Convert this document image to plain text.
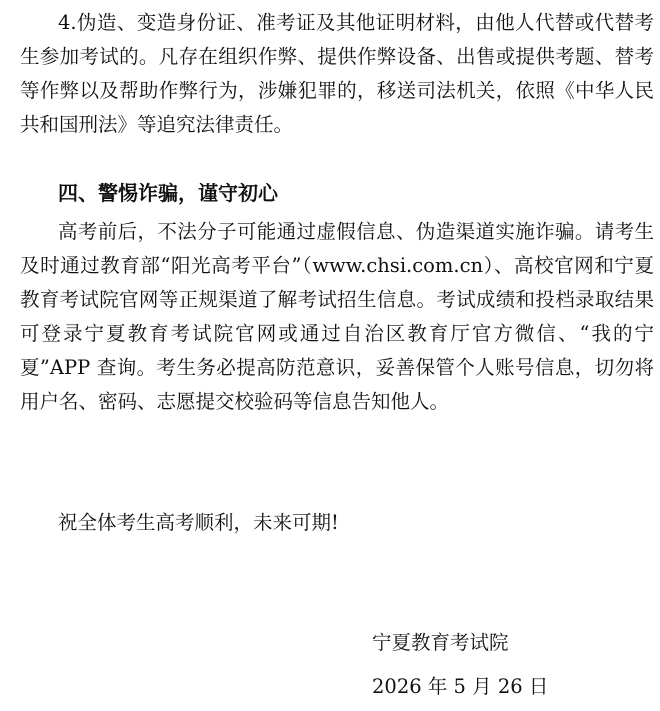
4.伪造、变造身份证、准考证及其他证明材料，由他人代替或代替考生参加考试的。凡存在组织作弊、提供作弊设备、出售或提供考题、替考等作弊以及帮助作弊行为，涉嫌犯罪的，移送司法机关，依照《中华人民共和国刑法》等追究法律责任。

四、警惕诈骗，谨守初心

高考前后，不法分子可能通过虚假信息、伪造渠道实施诈骗。请考生及时通过教育部“阳光高考平台”（www.chsi.com.cn）、高校官网和宁夏教育考试院官网等正规渠道了解考试招生信息。考试成绩和投档录取结果可登录宁夏教育考试院官网或通过自治区教育厅官方微信、“我的宁夏”APP 查询。考生务必提高防范意识，妥善保管个人账号信息，切勿将用户名、密码、志愿提交校验码等信息告知他人。

祝全体考生高考顺利，未来可期!

宁夏教育考试院

2026 年 5 月 26 日
